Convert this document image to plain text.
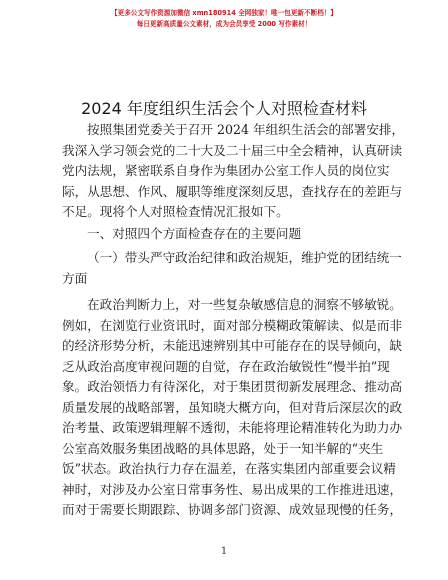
【更多公文写作资源加微信 xmn180914 全网独家！唯一包更新不断档！】
每日更新高质量公文素材，成为会员享受 2000 写作素材！
2024 年度组织生活会个人对照检查材料
按照集团党委关于召开 2024 年组织生活会的部署安排，
我深入学习领会党的二十大及二十届三中全会精神，认真研读
党内法规，紧密联系自身作为集团办公室工作人员的岗位实
际，从思想、作风、履职等维度深刻反思，查找存在的差距与
不足。现将个人对照检查情况汇报如下。
一、对照四个方面检查存在的主要问题
（一）带头严守政治纪律和政治规矩，维护党的团结统一
方面
在政治判断力上，对一些复杂敏感信息的洞察不够敏锐。
例如，在浏览行业资讯时，面对部分模糊政策解读、似是而非
的经济形势分析，未能迅速辨别其中可能存在的误导倾向，缺
乏从政治高度审视问题的自觉，存在政治敏锐性“慢半拍”现
象。政治领悟力有待深化，对于集团贯彻新发展理念、推动高
质量发展的战略部署，虽知晓大概方向，但对背后深层次的政
治考量、政策逻辑理解不透彻，未能将理论精准转化为助力办
公室高效服务集团战略的具体思路，处于一知半解的“夹生
饭”状态。政治执行力存在温差，在落实集团内部重要会议精
神时，对涉及办公室日常事务性、易出成果的工作推进迅速，
而对于需要长期跟踪、协调多部门资源、成效显现慢的任务，
1
